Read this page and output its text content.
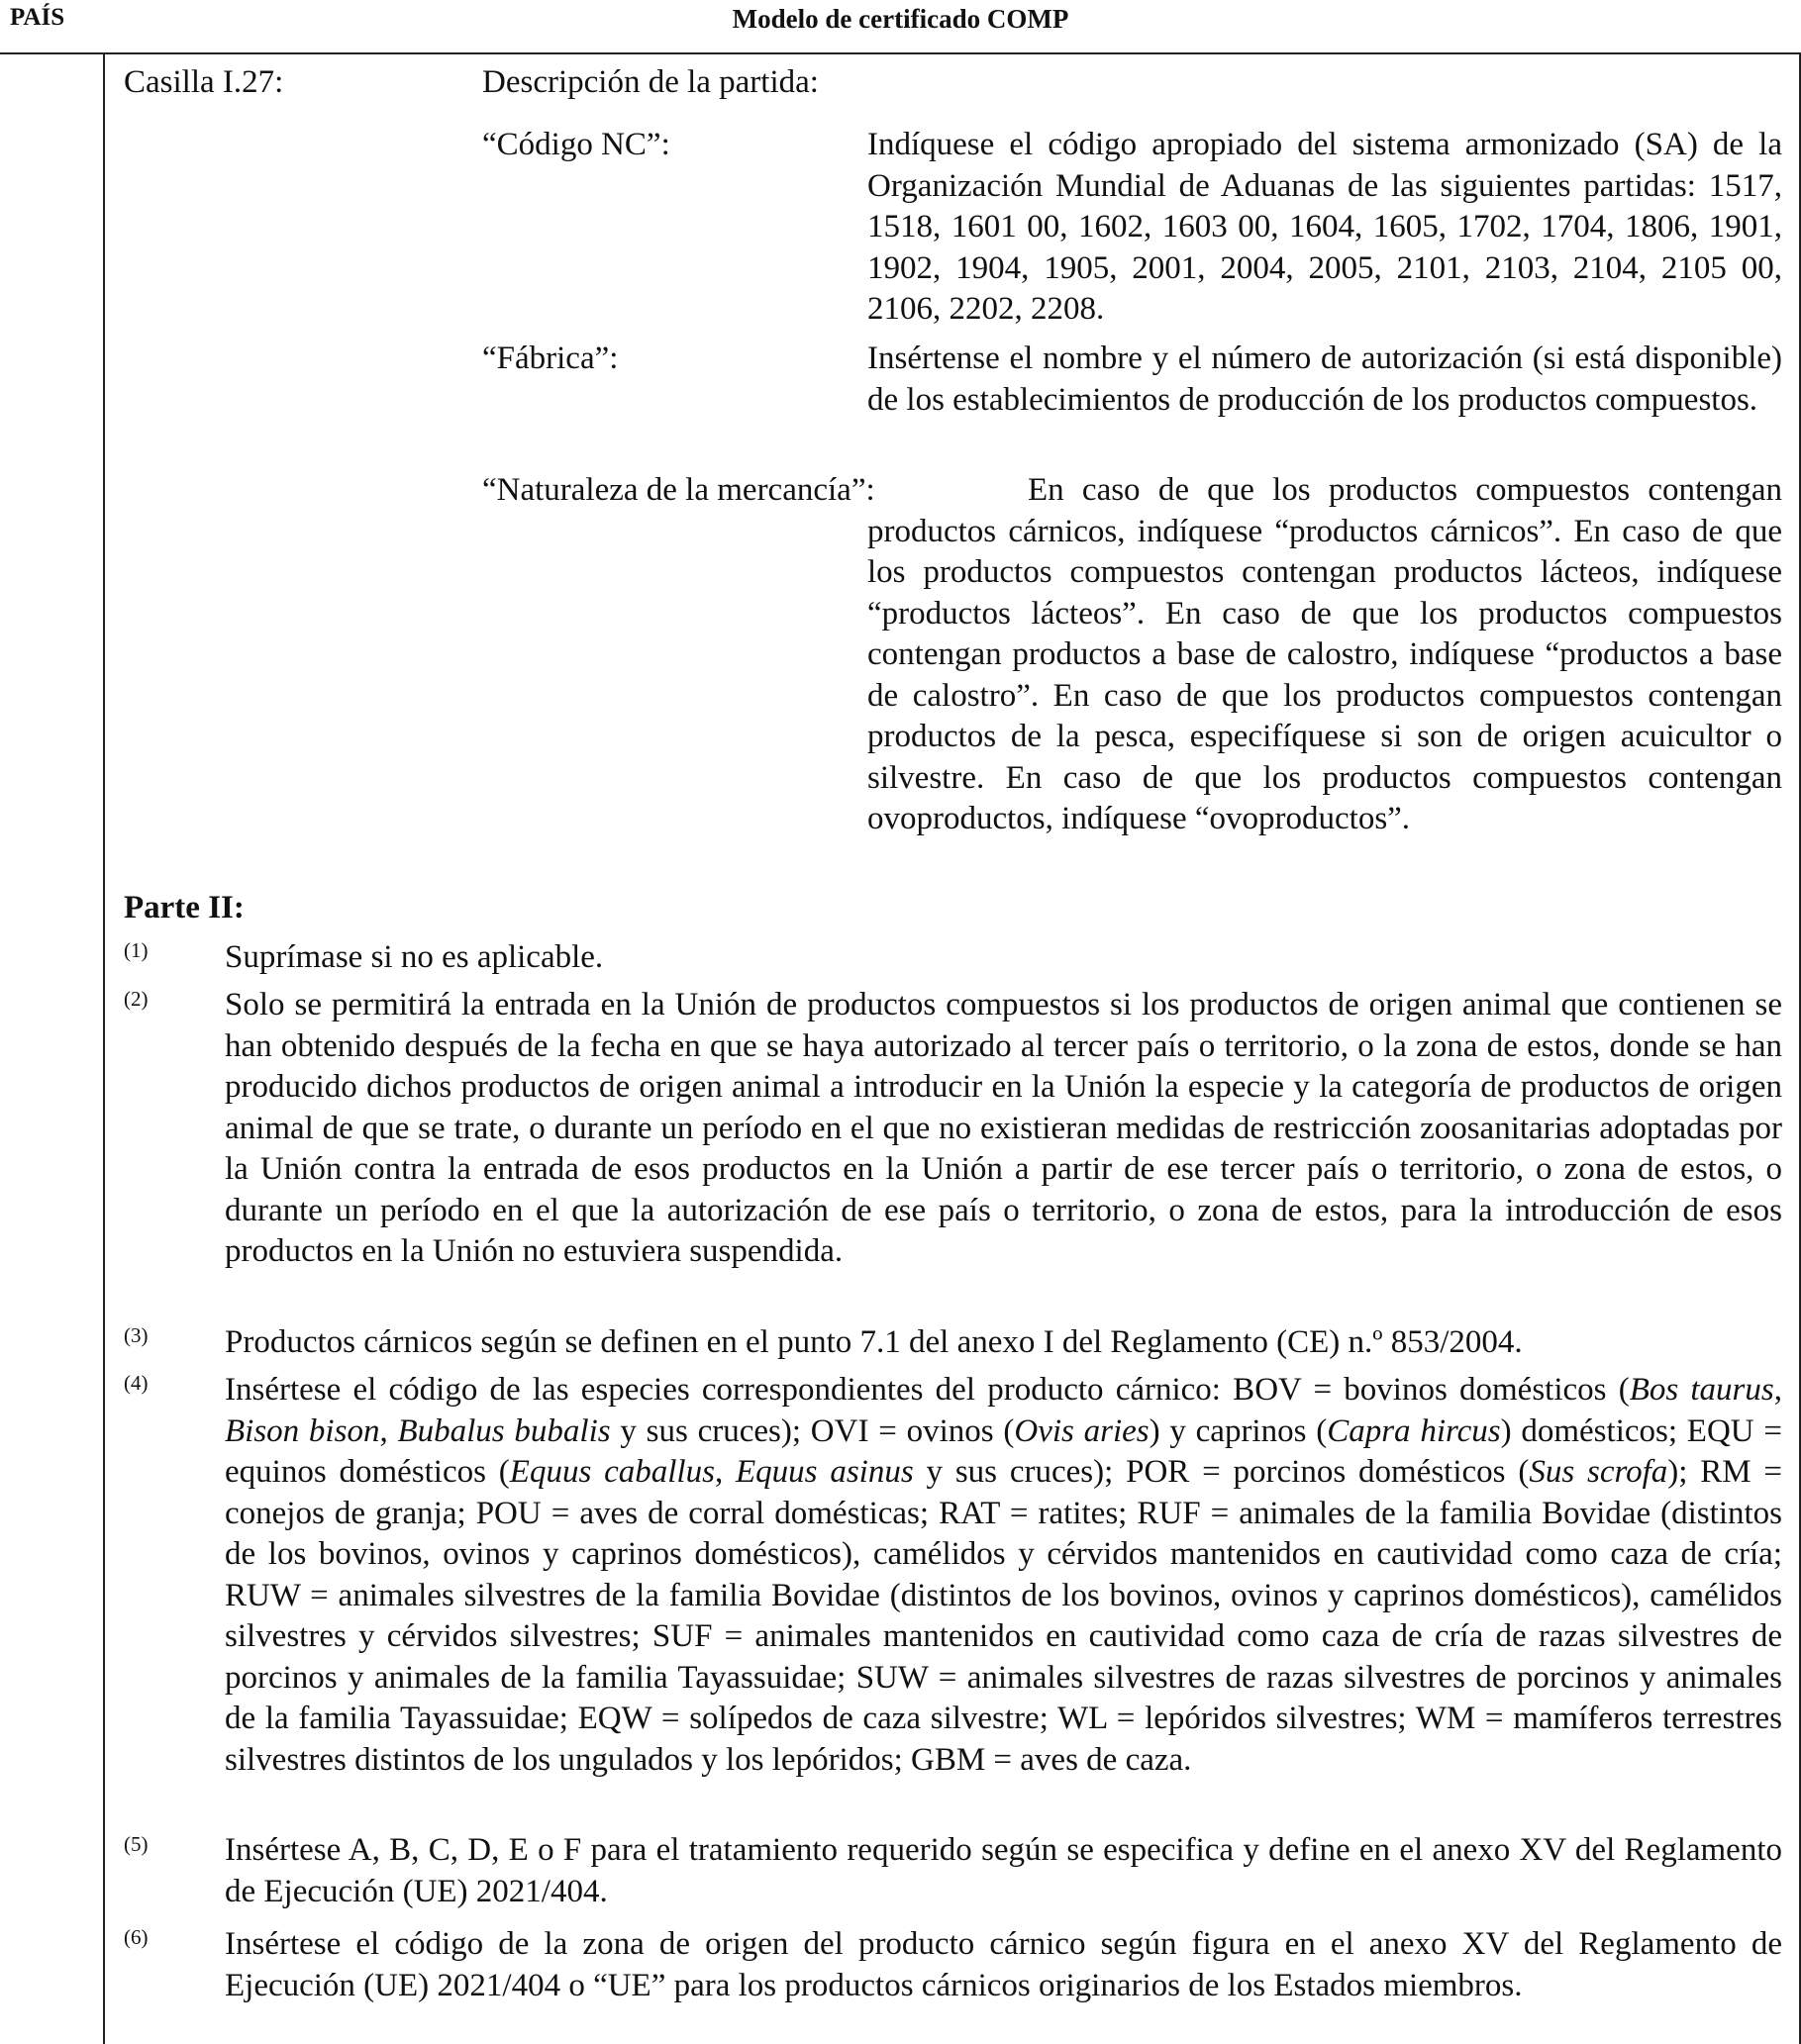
PAÍS	Modelo de certificado COMP
Casilla I.27:	Descripción de la partida:
“Código NC”:	Indíquese el código apropiado del sistema armonizado (SA) de la Organización Mundial de Aduanas de las siguientes partidas: 1517, 1518, 1601 00, 1602, 1603 00, 1604, 1605, 1702, 1704, 1806, 1901, 1902, 1904, 1905, 2001, 2004, 2005, 2101, 2103, 2104, 2105 00, 2106, 2202, 2208.
“Fábrica”:	Insértense el nombre y el número de autorización (si está disponible) de los establecimientos de producción de los productos compuestos.
“Naturaleza de la mercancía”:	En caso de que los productos compuestos contengan productos cárnicos, indíquese “productos cárnicos”. En caso de que los productos compuestos contengan productos lácteos, indíquese “productos lácteos”. En caso de que los productos compuestos contengan productos a base de calostro, indíquese “productos a base de calostro”. En caso de que los productos compuestos contengan productos de la pesca, especifíquese si son de origen acuicultor o silvestre. En caso de que los productos compuestos contengan ovoproductos, indíquese “ovoproductos”.
Parte II:
(1) Suprímase si no es aplicable.
(2) Solo se permitirá la entrada en la Unión de productos compuestos si los productos de origen animal que contienen se han obtenido después de la fecha en que se haya autorizado al tercer país o territorio, o la zona de estos, donde se han producido dichos productos de origen animal a introducir en la Unión la especie y la categoría de productos de origen animal de que se trate, o durante un período en el que no existieran medidas de restricción zoosanitarias adoptadas por la Unión contra la entrada de esos productos en la Unión a partir de ese tercer país o territorio, o zona de estos, o durante un período en el que la autorización de ese país o territorio, o zona de estos, para la introducción de esos productos en la Unión no estuviera suspendida.
(3) Productos cárnicos según se definen en el punto 7.1 del anexo I del Reglamento (CE) n.º 853/2004.
(4) Insértese el código de las especies correspondientes del producto cárnico: BOV = bovinos domésticos (Bos taurus, Bison bison, Bubalus bubalis y sus cruces); OVI = ovinos (Ovis aries) y caprinos (Capra hircus) domésticos; EQU = equinos domésticos (Equus caballus, Equus asinus y sus cruces); POR = porcinos domésticos (Sus scrofa); RM = conejos de granja; POU = aves de corral domésticas; RAT = ratites; RUF = animales de la familia Bovidae (distintos de los bovinos, ovinos y caprinos domésticos), camélidos y cérvidos mantenidos en cautividad como caza de cría; RUW = animales silvestres de la familia Bovidae (distintos de los bovinos, ovinos y caprinos domésticos), camélidos silvestres y cérvidos silvestres; SUF = animales mantenidos en cautividad como caza de cría de razas silvestres de porcinos y animales de la familia Tayassuidae; SUW = animales silvestres de razas silvestres de porcinos y animales de la familia Tayassuidae; EQW = solípedos de caza silvestre; WL = lepóridos silvestres; WM = mamíferos terrestres silvestres distintos de los ungulados y los lepóridos; GBM = aves de caza.
(5) Insértese A, B, C, D, E o F para el tratamiento requerido según se especifica y define en el anexo XV del Reglamento de Ejecución (UE) 2021/404.
(6) Insértese el código de la zona de origen del producto cárnico según figura en el anexo XV del Reglamento de Ejecución (UE) 2021/404 o “UE” para los productos cárnicos originarios de los Estados miembros.
